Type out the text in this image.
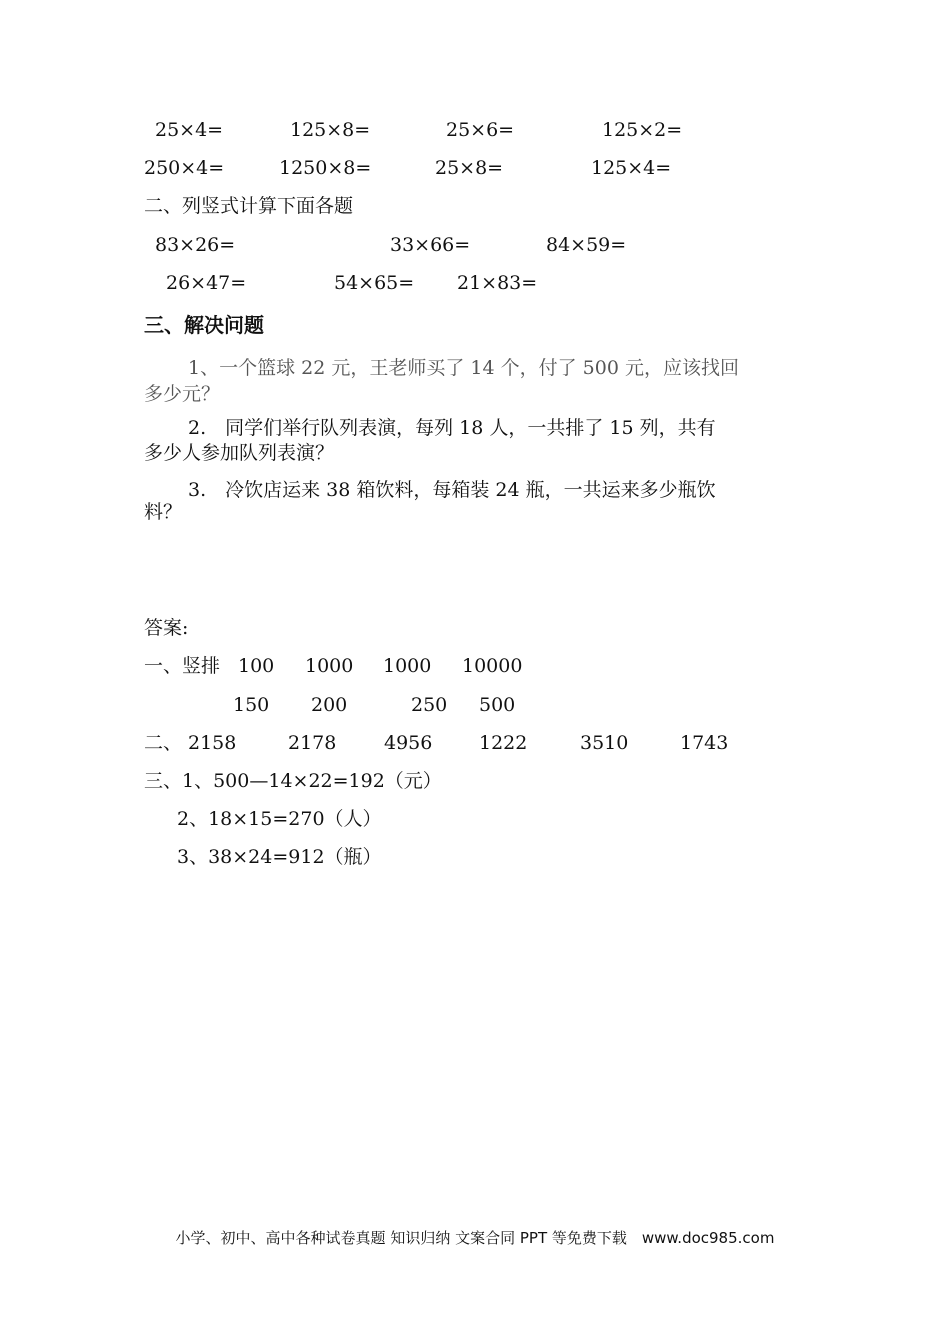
25×4=	125×8=	25×6=	125×2=
250×4=	1250×8=	25×8=	125×4=
二、列竖式计算下面各题
83×26=	33×66=	84×59=
26×47=	54×65= 21×83=
三、解决问题
1、一个篮球 22 元，王老师买了 14 个，付了 500 元，应该找回
多少元？
2.　同学们举行队列表演，每列 18 人，一共排了 15 列，共有
多少人参加队列表演？
3.　冷饮店运来 38 箱饮料，每箱装 24 瓶，一共运来多少瓶饮
料？
答案:
一、竖排 100 1000 1000 10000
150 200	250 500
二、 2158	2178	4956 1222	3510	1743
三、1、500—14×22=192（元）
2、18×15=270（人）
3、38×24=912（瓶）
小学、初中、高中各种试卷真题 知识归纳 文案合同 PPT 等免费下载　www.doc985.com
